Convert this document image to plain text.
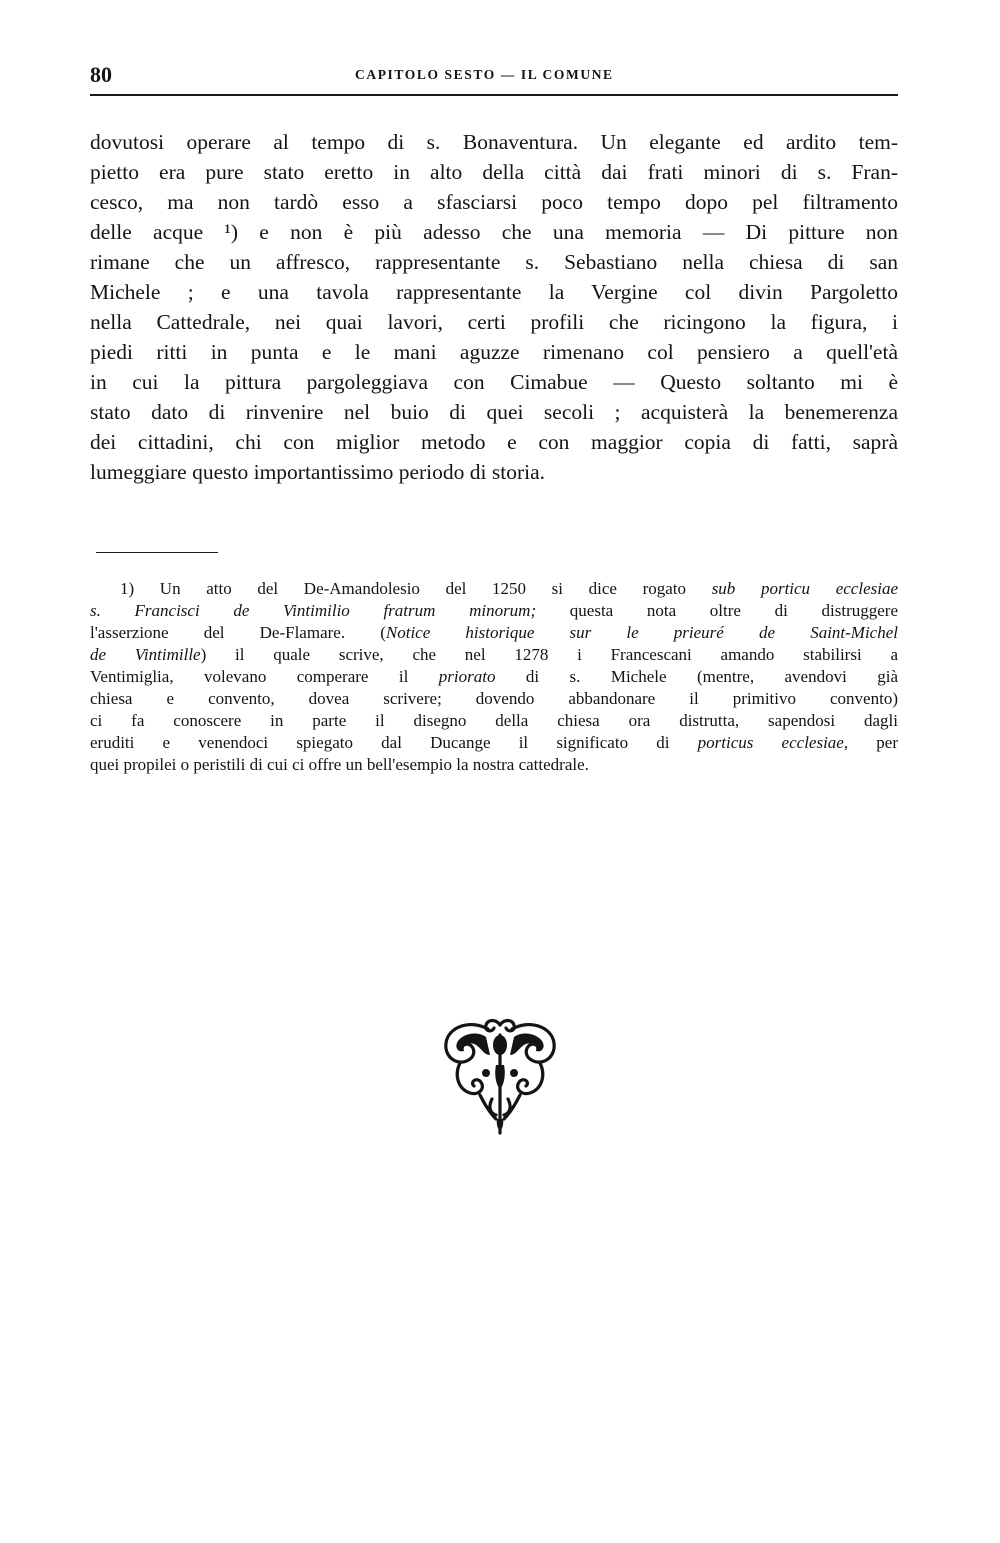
80	CAPITOLO SESTO — IL COMUNE
dovutosi operare al tempo di s. Bonaventura. Un elegante ed ardito tem-
pietto era pure stato eretto in alto della città dai frati minori di s. Fran-
cesco, ma non tardò esso a sfasciarsi poco tempo dopo pel filtramento
delle acque ¹) e non è più adesso che una memoria — Di pitture non
rimane che un affresco, rappresentante s. Sebastiano nella chiesa di san
Michele ; e una tavola rappresentante la Vergine col divin Pargoletto
nella Cattedrale, nei quai lavori, certi profili che ricingono la figura, i
piedi ritti in punta e le mani aguzze rimenano col pensiero a quell'età
in cui la pittura pargoleggiava con Cimabue — Questo soltanto mi è
stato dato di rinvenire nel buio di quei secoli ; acquisterà la benemerenza
dei cittadini, chi con miglior metodo e con maggior copia di fatti, saprà
lumeggiare questo importantissimo periodo di storia.
1) Un atto del De-Amandolesio del 1250 si dice rogato sub porticu ecclesiae
s. Francisci de Vintimilio fratrum minorum; questa nota oltre di distruggere
l'asserzione del De-Flamare. (Notice historique sur le prieuré de Saint-Michel
de Vintimille) il quale scrive, che nel 1278 i Francescani amando stabilirsi a
Ventimiglia, volevano comperare il priorato di s. Michele (mentre, avendovi già
chiesa e convento, dovea scrivere; dovendo abbandonare il primitivo convento)
ci fa conoscere in parte il disegno della chiesa ora distrutta, sapendosi dagli
eruditi e venendoci spiegato dal Ducange il significato di porticus ecclesiae, per
quei propilei o peristili di cui ci offre un bell'esempio la nostra cattedrale.
